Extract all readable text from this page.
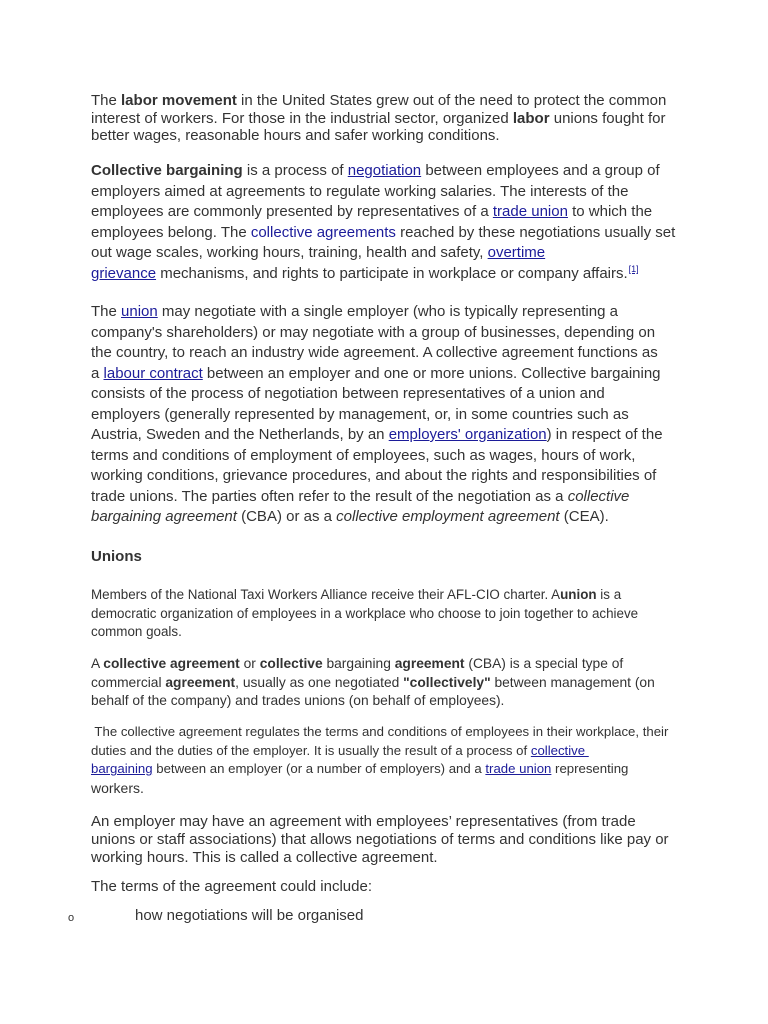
The labor movement in the United States grew out of the need to protect the common
interest of workers. For those in the industrial sector, organized labor unions fought for
better wages, reasonable hours and safer working conditions.
Collective bargaining is a process of negotiation between employees and a group of
employers aimed at agreements to regulate working salaries. The interests of the
employees are commonly presented by representatives of a trade union to which the
employees belong. The collective agreements reached by these negotiations usually set
out wage scales, working hours, training, health and safety, overtime
grievance mechanisms, and rights to participate in workplace or company affairs.[1]
The union may negotiate with a single employer (who is typically representing a
company's shareholders) or may negotiate with a group of businesses, depending on
the country, to reach an industry wide agreement. A collective agreement functions as
a labour contract between an employer and one or more unions. Collective bargaining
consists of the process of negotiation between representatives of a union and
employers (generally represented by management, or, in some countries such as
Austria, Sweden and the Netherlands, by an employers' organization) in respect of the
terms and conditions of employment of employees, such as wages, hours of work,
working conditions, grievance procedures, and about the rights and responsibilities of
trade unions. The parties often refer to the result of the negotiation as a collective
bargaining agreement (CBA) or as a collective employment agreement (CEA).
Unions
Members of the National Taxi Workers Alliance receive their AFL-CIO charter. Aunion is a
democratic organization of employees in a workplace who choose to join together to achieve
common goals.
A collective agreement or collective bargaining agreement (CBA) is a special type of
commercial agreement, usually as one negotiated "collectively" between management (on
behalf of the company) and trades unions (on behalf of employees).
The collective agreement regulates the terms and conditions of employees in their workplace, their
duties and the duties of the employer. It is usually the result of a process of collective
bargaining between an employer (or a number of employers) and a trade union representing
workers.
An employer may have an agreement with employees’ representatives (from trade
unions or staff associations) that allows negotiations of terms and conditions like pay or
working hours. This is called a collective agreement.
The terms of the agreement could include:
o	how negotiations will be organised
